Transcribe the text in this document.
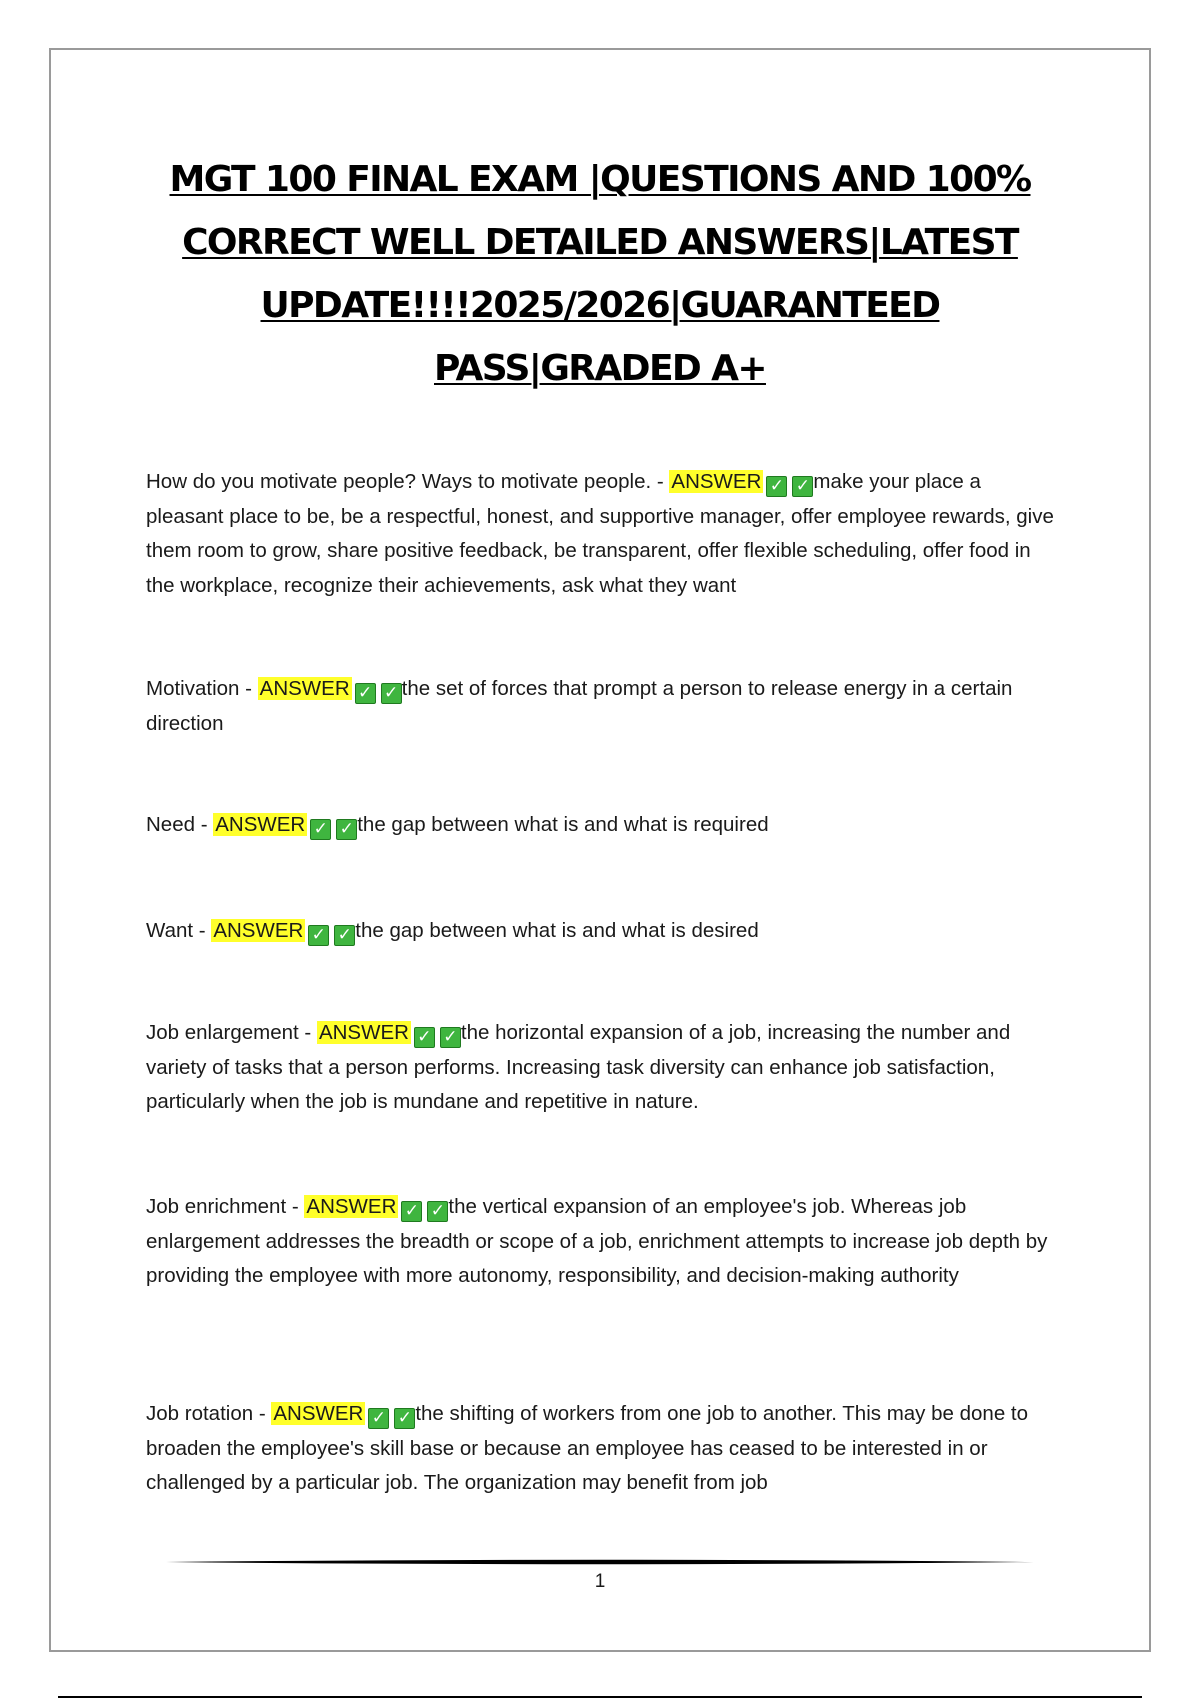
MGT 100 FINAL EXAM |QUESTIONS AND 100%
CORRECT WELL DETAILED ANSWERS|LATEST
UPDATE!!!!2025/2026|GUARANTEED
PASS|GRADED A+

How do you motivate people? Ways to motivate people. - ANSWER ✓ ✓ make your place a pleasant place to be, be a respectful, honest, and supportive manager, offer employee rewards, give them room to grow, share positive feedback, be transparent, offer flexible scheduling, offer food in the workplace, recognize their achievements, ask what they want

Motivation - ANSWER ✓ ✓ the set of forces that prompt a person to release energy in a certain direction

Need - ANSWER ✓ ✓ the gap between what is and what is required

Want - ANSWER ✓ ✓ the gap between what is and what is desired

Job enlargement - ANSWER ✓ ✓ the horizontal expansion of a job, increasing the number and variety of tasks that a person performs. Increasing task diversity can enhance job satisfaction, particularly when the job is mundane and repetitive in nature.

Job enrichment - ANSWER ✓ ✓ the vertical expansion of an employee's job. Whereas job enlargement addresses the breadth or scope of a job, enrichment attempts to increase job depth by providing the employee with more autonomy, responsibility, and decision-making authority

Job rotation - ANSWER ✓ ✓ the shifting of workers from one job to another. This may be done to broaden the employee's skill base or because an employee has ceased to be interested in or challenged by a particular job. The organization may benefit from job

1
